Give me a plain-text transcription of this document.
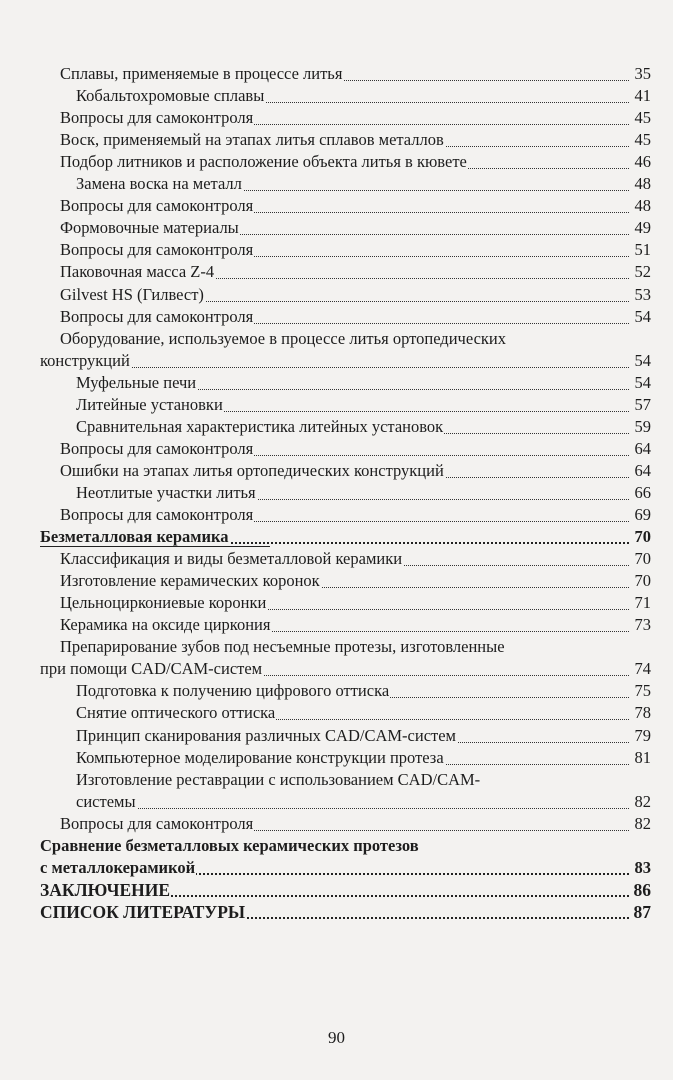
Сплавы, применяемые в процессе литья	35
Кобальтохромовые сплавы	41
Вопросы для самоконтроля	45
Воск, применяемый на этапах литья сплавов металлов	45
Подбор литников и расположение объекта литья в кювете	46
Замена воска на металл	48
Вопросы для самоконтроля	48
Формовочные материалы	49
Вопросы для самоконтроля	51
Паковочная масса Z-4	52
Gilvest HS (Гилвест)	53
Вопросы для самоконтроля	54
Оборудование, используемое в процессе литья ортопедических
конструкций	54
Муфельные печи	54
Литейные установки	57
Сравнительная характеристика литейных установок	59
Вопросы для самоконтроля	64
Ошибки на этапах литья ортопедических конструкций	64
Неотлитые участки литья	66
Вопросы для самоконтроля	69
Безметалловая керамика	70
Классификация и виды безметалловой керамики	70
Изготовление керамических коронок	70
Цельноциркониевые коронки	71
Керамика на оксиде циркония	73
Препарирование зубов под несъемные протезы, изготовленные
при помощи CAD/CAM-систем	74
Подготовка к получению цифрового оттиска	75
Снятие оптического оттиска	78
Принцип сканирования различных CAD/CAM-систем	79
Компьютерное моделирование конструкции протеза	81
Изготовление реставрации с использованием CAD/CAM-
системы	82
Вопросы для самоконтроля	82
Сравнение безметалловых керамических протезов
с металлокерамикой	83
ЗАКЛЮЧЕНИЕ	86
СПИСОК ЛИТЕРАТУРЫ	87
90
